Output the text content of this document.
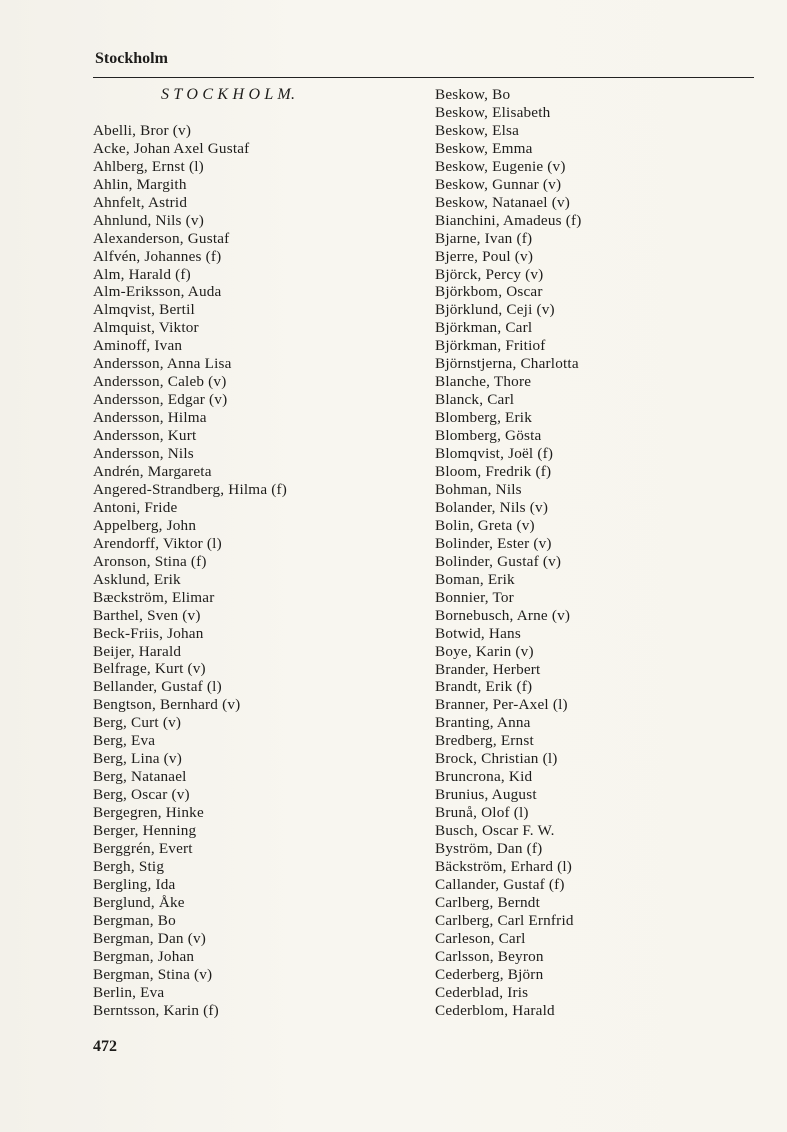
Stockholm
S T O C K H O L M.
Abelli, Bror (v)
Acke, Johan Axel Gustaf
Ahlberg, Ernst (l)
Ahlin, Margith
Ahnfelt, Astrid
Ahnlund, Nils (v)
Alexanderson, Gustaf
Alfvén, Johannes (f)
Alm, Harald (f)
Alm-Eriksson, Auda
Almqvist, Bertil
Almquist, Viktor
Aminoff, Ivan
Andersson, Anna Lisa
Andersson, Caleb (v)
Andersson, Edgar (v)
Andersson, Hilma
Andersson, Kurt
Andersson, Nils
Andrén, Margareta
Angered-Strandberg, Hilma (f)
Antoni, Fride
Appelberg, John
Arendorff, Viktor (l)
Aronson, Stina (f)
Asklund, Erik
Bæckström, Elimar
Barthel, Sven (v)
Beck-Friis, Johan
Beijer, Harald
Belfrage, Kurt (v)
Bellander, Gustaf (l)
Bengtson, Bernhard (v)
Berg, Curt (v)
Berg, Eva
Berg, Lina (v)
Berg, Natanael
Berg, Oscar (v)
Bergegren, Hinke
Berger, Henning
Berggrén, Evert
Bergh, Stig
Bergling, Ida
Berglund, Åke
Bergman, Bo
Bergman, Dan (v)
Bergman, Johan
Bergman, Stina (v)
Berlin, Eva
Berntsson, Karin (f)
Beskow, Bo
Beskow, Elisabeth
Beskow, Elsa
Beskow, Emma
Beskow, Eugenie (v)
Beskow, Gunnar (v)
Beskow, Natanael (v)
Bianchini, Amadeus (f)
Bjarne, Ivan (f)
Bjerre, Poul (v)
Björck, Percy (v)
Björkbom, Oscar
Björklund, Ceji (v)
Björkman, Carl
Björkman, Fritiof
Björnstjerna, Charlotta
Blanche, Thore
Blanck, Carl
Blomberg, Erik
Blomberg, Gösta
Blomqvist, Joël (f)
Bloom, Fredrik (f)
Bohman, Nils
Bolander, Nils (v)
Bolin, Greta (v)
Bolinder, Ester (v)
Bolinder, Gustaf (v)
Boman, Erik
Bonnier, Tor
Bornebusch, Arne (v)
Botwid, Hans
Boye, Karin (v)
Brander, Herbert
Brandt, Erik (f)
Branner, Per-Axel (l)
Branting, Anna
Bredberg, Ernst
Brock, Christian (l)
Bruncrona, Kid
Brunius, August
Brunå, Olof (l)
Busch, Oscar F. W.
Byström, Dan (f)
Bäckström, Erhard (l)
Callander, Gustaf (f)
Carlberg, Berndt
Carlberg, Carl Ernfrid
Carleson, Carl
Carlsson, Beyron
Cederberg, Björn
Cederblad, Iris
Cederblom, Harald
472
